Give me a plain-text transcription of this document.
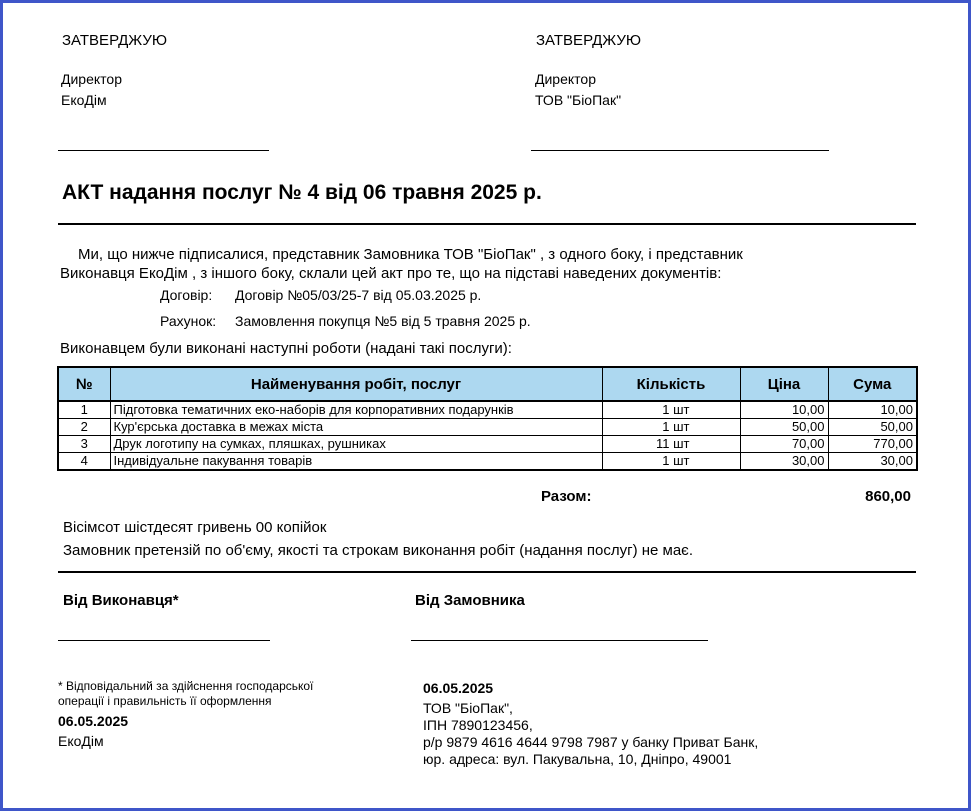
ЗАТВЕРДЖУЮ
Директор
ЕкоДім
ЗАТВЕРДЖУЮ
Директор
ТОВ "БіоПак"
АКТ надання послуг № 4 від 06 травня 2025 р.
Ми, що нижче підписалися, представник Замовника ТОВ "БіоПак" , з одного боку, і представник
Виконавця ЕкоДім , з іншого боку, склали цей акт про те, що на підставі наведених документів:
Договір: Договір №05/03/25-7 від 05.03.2025 р.
Рахунок: Замовлення покупця №5 від 5 травня 2025 р.
Виконавцем були виконані наступні роботи (надані такі послуги):
№	Найменування робіт, послуг	Кількість	Ціна	Сума
1	Підготовка тематичних еко-наборів для корпоративних подарунків	1 шт	10,00	10,00
2	Кур'єрська доставка в межах міста	1 шт	50,00	50,00
3	Друк логотипу на сумках, пляшках, рушниках	11 шт	70,00	770,00
4	Індивідуальне пакування товарів	1 шт	30,00	30,00
Разом:	860,00
Вісімсот шістдесят гривень 00 копійок
Замовник претензій по об'єму, якості та строкам виконання робіт (надання послуг) не має.
Від Виконавця*
* Відповідальний за здійснення господарської
операції і правильність її оформлення
06.05.2025
ЕкоДім
Від Замовника
06.05.2025
ТОВ "БіоПак",
ІПН 7890123456,
р/р 9879 4616 4644 9798 7987 у банку Приват Банк,
юр. адреса: вул. Пакувальна, 10, Дніпро, 49001
